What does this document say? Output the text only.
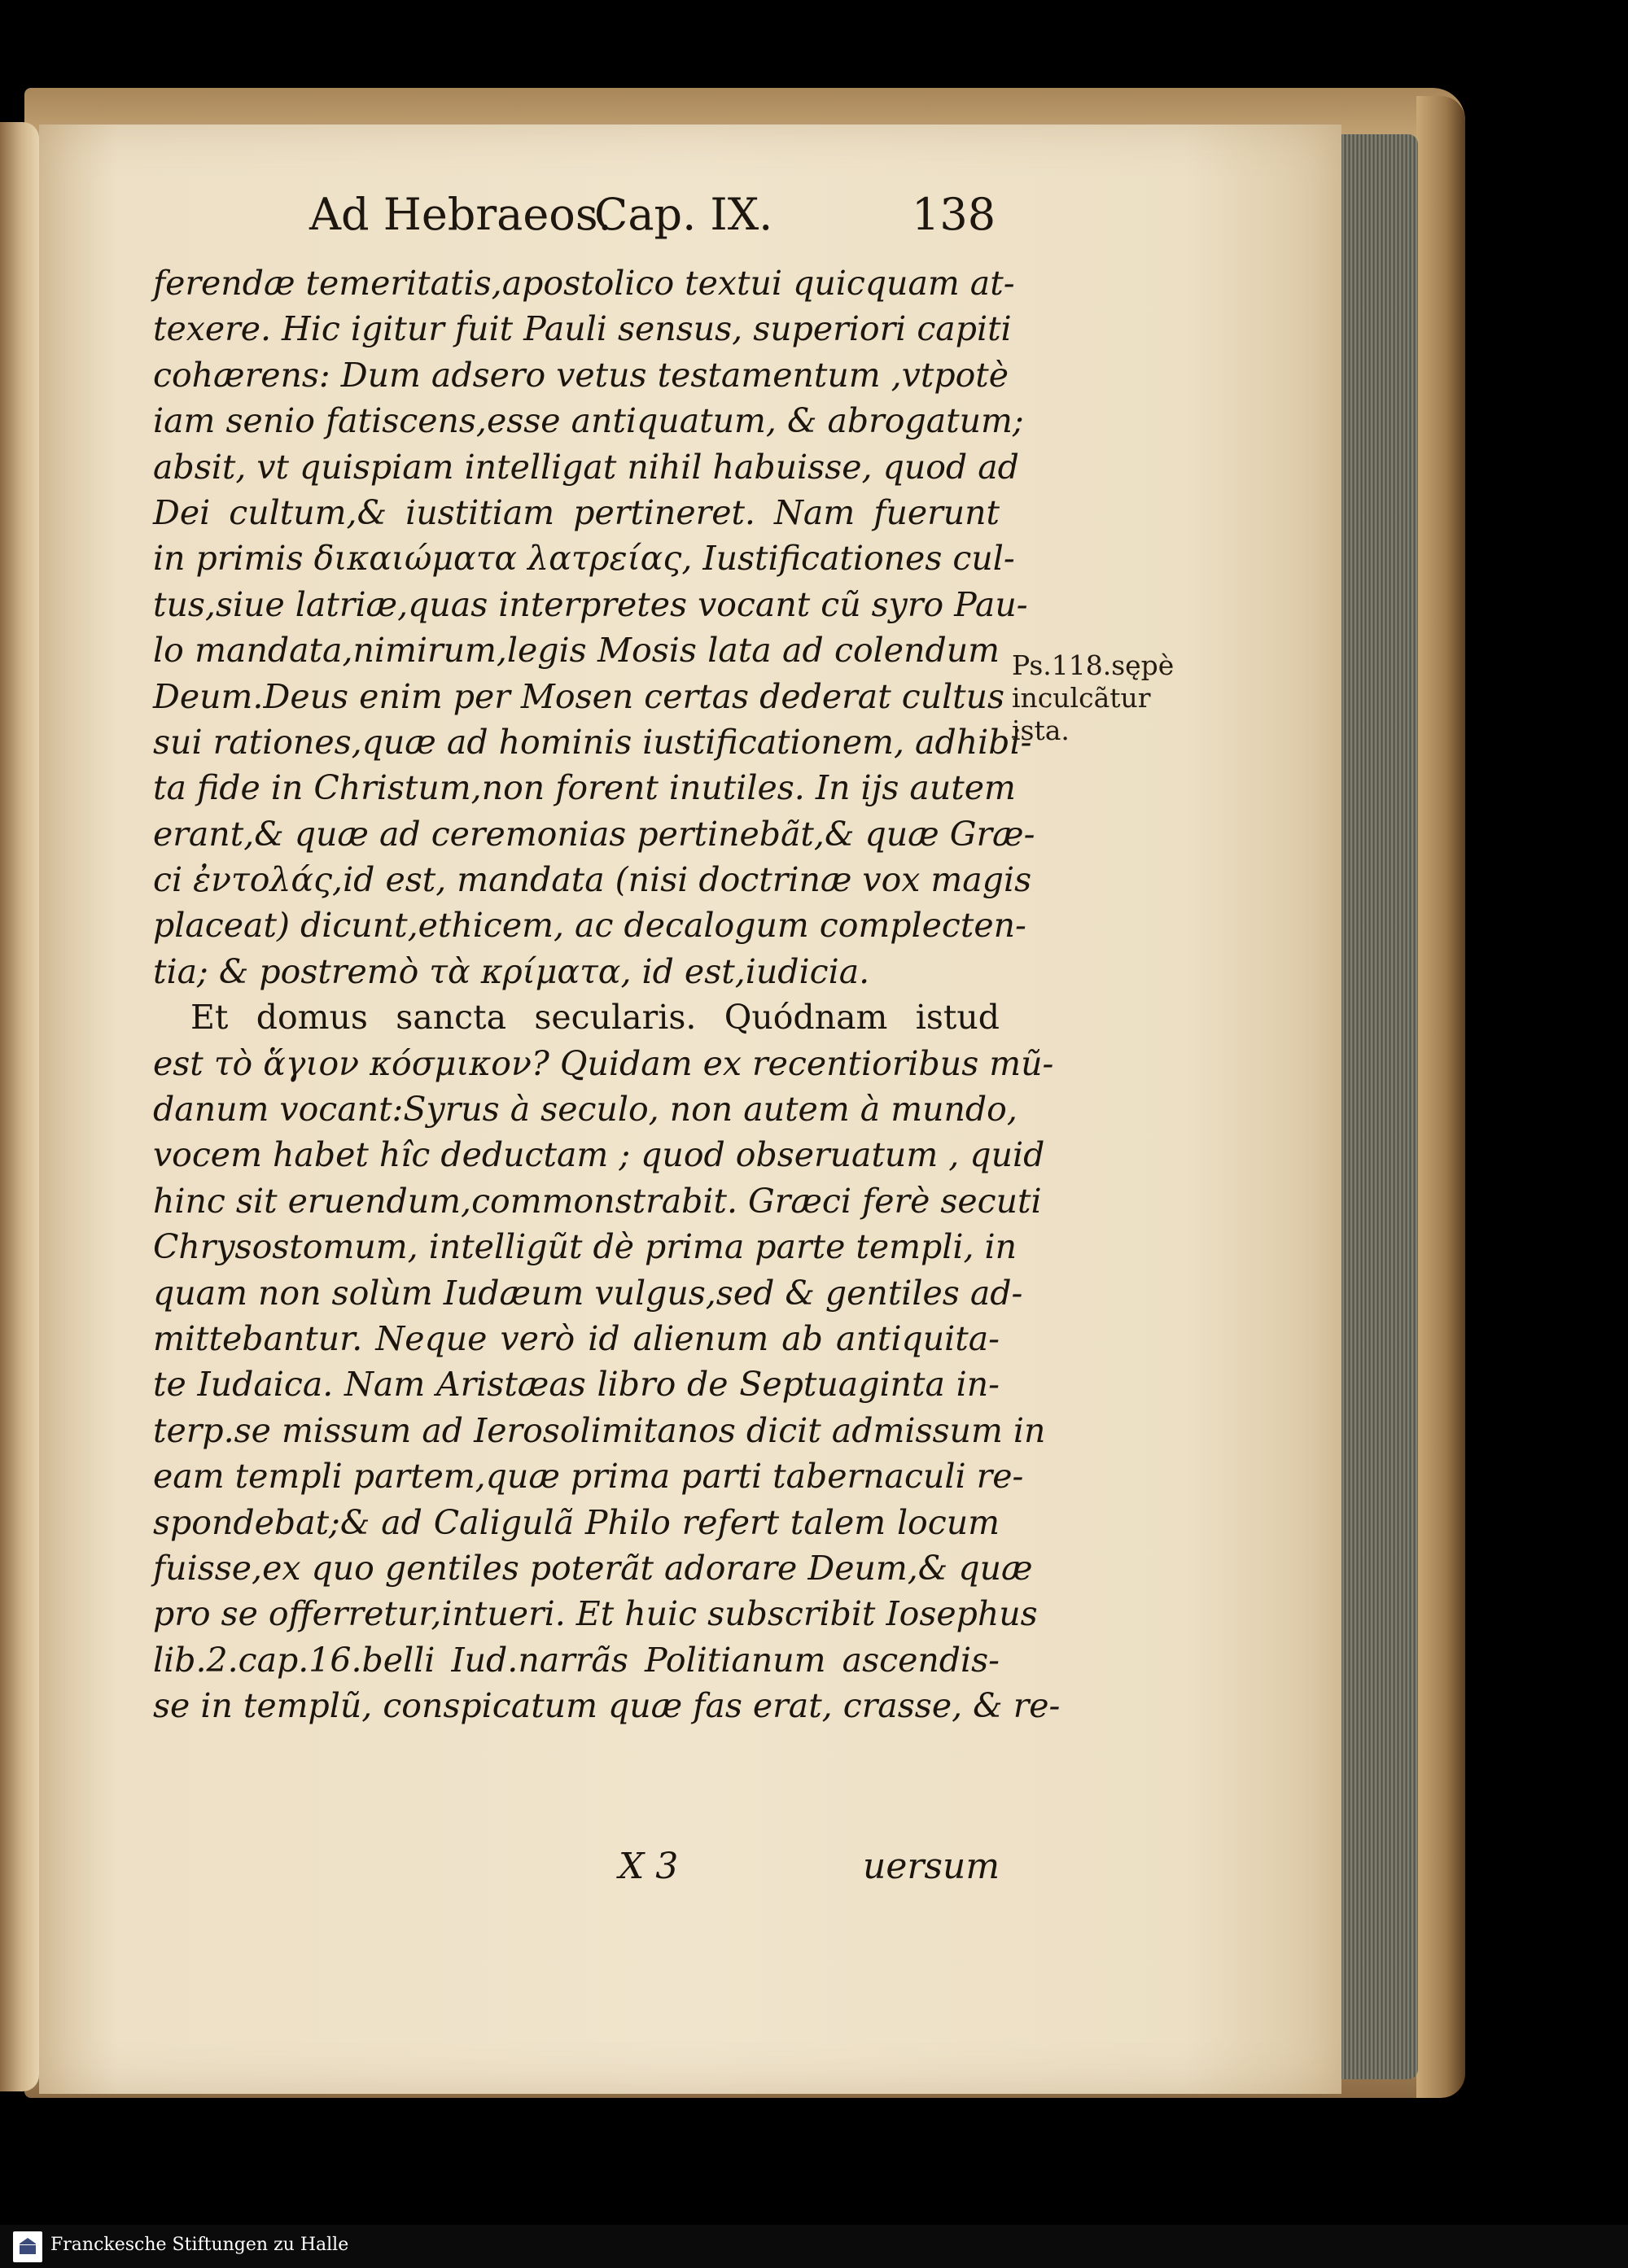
Ad Hebraeos.
Cap. IX.	138
ferendæ temeritatis,apostolico textui quicquam at-
texere. Hic igitur fuit Pauli sensus, superiori capiti
cohærens: Dum adsero vetus testamentum ,vtpotè
iam senio fatiscens,esse antiquatum, & abrogatum;
absit, vt quispiam intelligat nihil habuisse, quod ad
Dei cultum,& iustitiam pertineret. Nam fuerunt
in primis δικαιώματα λατρείας, Iustificationes cul-
tus,siue latriæ,quas interpretes vocant cũ syro Pau-
lo mandata,nimirum,legis Mosis lata ad colendum
Deum.Deus enim per Mosen certas dederat cultus
sui rationes,quæ ad hominis iustificationem, adhibi-
ta fide in Christum,non forent inutiles. In ijs autem
erant,& quæ ad ceremonias pertinebãt,& quæ Græ-
ci ἐντολάς,id est, mandata (nisi doctrinæ vox magis
placeat) dicunt,ethicem, ac decalogum complecten-
tia; & postremò τὰ κρίματα, id est,iudicia.
Et domus sancta secularis. Quódnam istud
est τὸ ἅγιον κόσμικον? Quidam ex recentioribus mũ-
danum vocant:Syrus à seculo, non autem à mundo,
vocem habet hîc deductam ; quod obseruatum , quid
hinc sit eruendum,commonstrabit. Græci ferè secuti
Chrysostomum, intelligũt dè prima parte templi, in
quam non solùm Iudæum vulgus,sed & gentiles ad-
mittebantur. Neque verò id alienum ab antiquita-
te Iudaica. Nam Aristæas libro de Septuaginta in-
terp.se missum ad Ierosolimitanos dicit admissum in
eam templi partem,quæ prima parti tabernaculi re-
spondebat;& ad Caligulã Philo refert talem locum
fuisse,ex quo gentiles poterãt adorare Deum,& quæ
pro se offerretur,intueri. Et huic subscribit Iosephus
lib.2.cap.16.belli Iud.narrãs Politianum ascendis-
se in templũ, conspicatum quæ fas erat, crasse, & re-
Ps.118.sępè
inculcãtur
ista.
X 3	uersum
Franckesche Stiftungen zu Halle
